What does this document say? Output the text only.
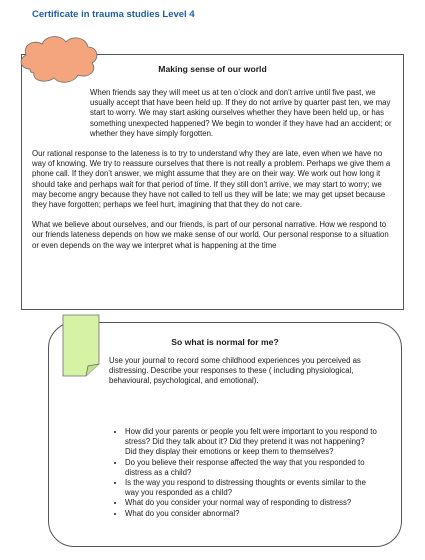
Certificate in trauma studies Level 4
Making sense of our world

When friends say they will meet us at ten o’clock and don’t arrive until five past, we usually accept that have been held up. If they do not arrive by quarter past ten, we may start to worry. We may start asking ourselves whether they have been held up, or has something unexpected happened? We begin to wonder if they have had an accident; or whether they have simply forgotten.

Our rational response to the lateness is to try to understand why they are late, even when we have no way of knowing. We try to reassure ourselves that there is not really a problem. Perhaps we give them a phone call. If they don’t answer, we might assume that they are on their way. We work out how long it should take and perhaps wait for that period of time. If they still don’t arrive, we may start to worry; we may become angry because they have not called to tell us they will be late; we may get upset because they have forgotten; perhaps we feel hurt, imagining that that they do not care.

What we believe about ourselves, and our friends, is part of our personal narrative. How we respond to our friends lateness depends on how we make sense of our world. Our personal response to a situation or even depends on the way we interpret what is happening at the time

So what is normal for me?
Use your journal to record some childhood experiences you perceived as distressing. Describe your responses to these ( including physiological, behavioural, psychological, and emotional).
• How did your parents or people you felt were important to you respond to stress? Did they talk about it? Did they pretend it was not happening? Did they display their emotions or keep them to themselves?
• Do you believe their response affected the way that you responded to distress as a child?
• Is the way you respond to distressing thoughts or events similar to the way you responded as a child?
• What do you consider your normal way of responding to distress?
• What do you consider abnormal?
